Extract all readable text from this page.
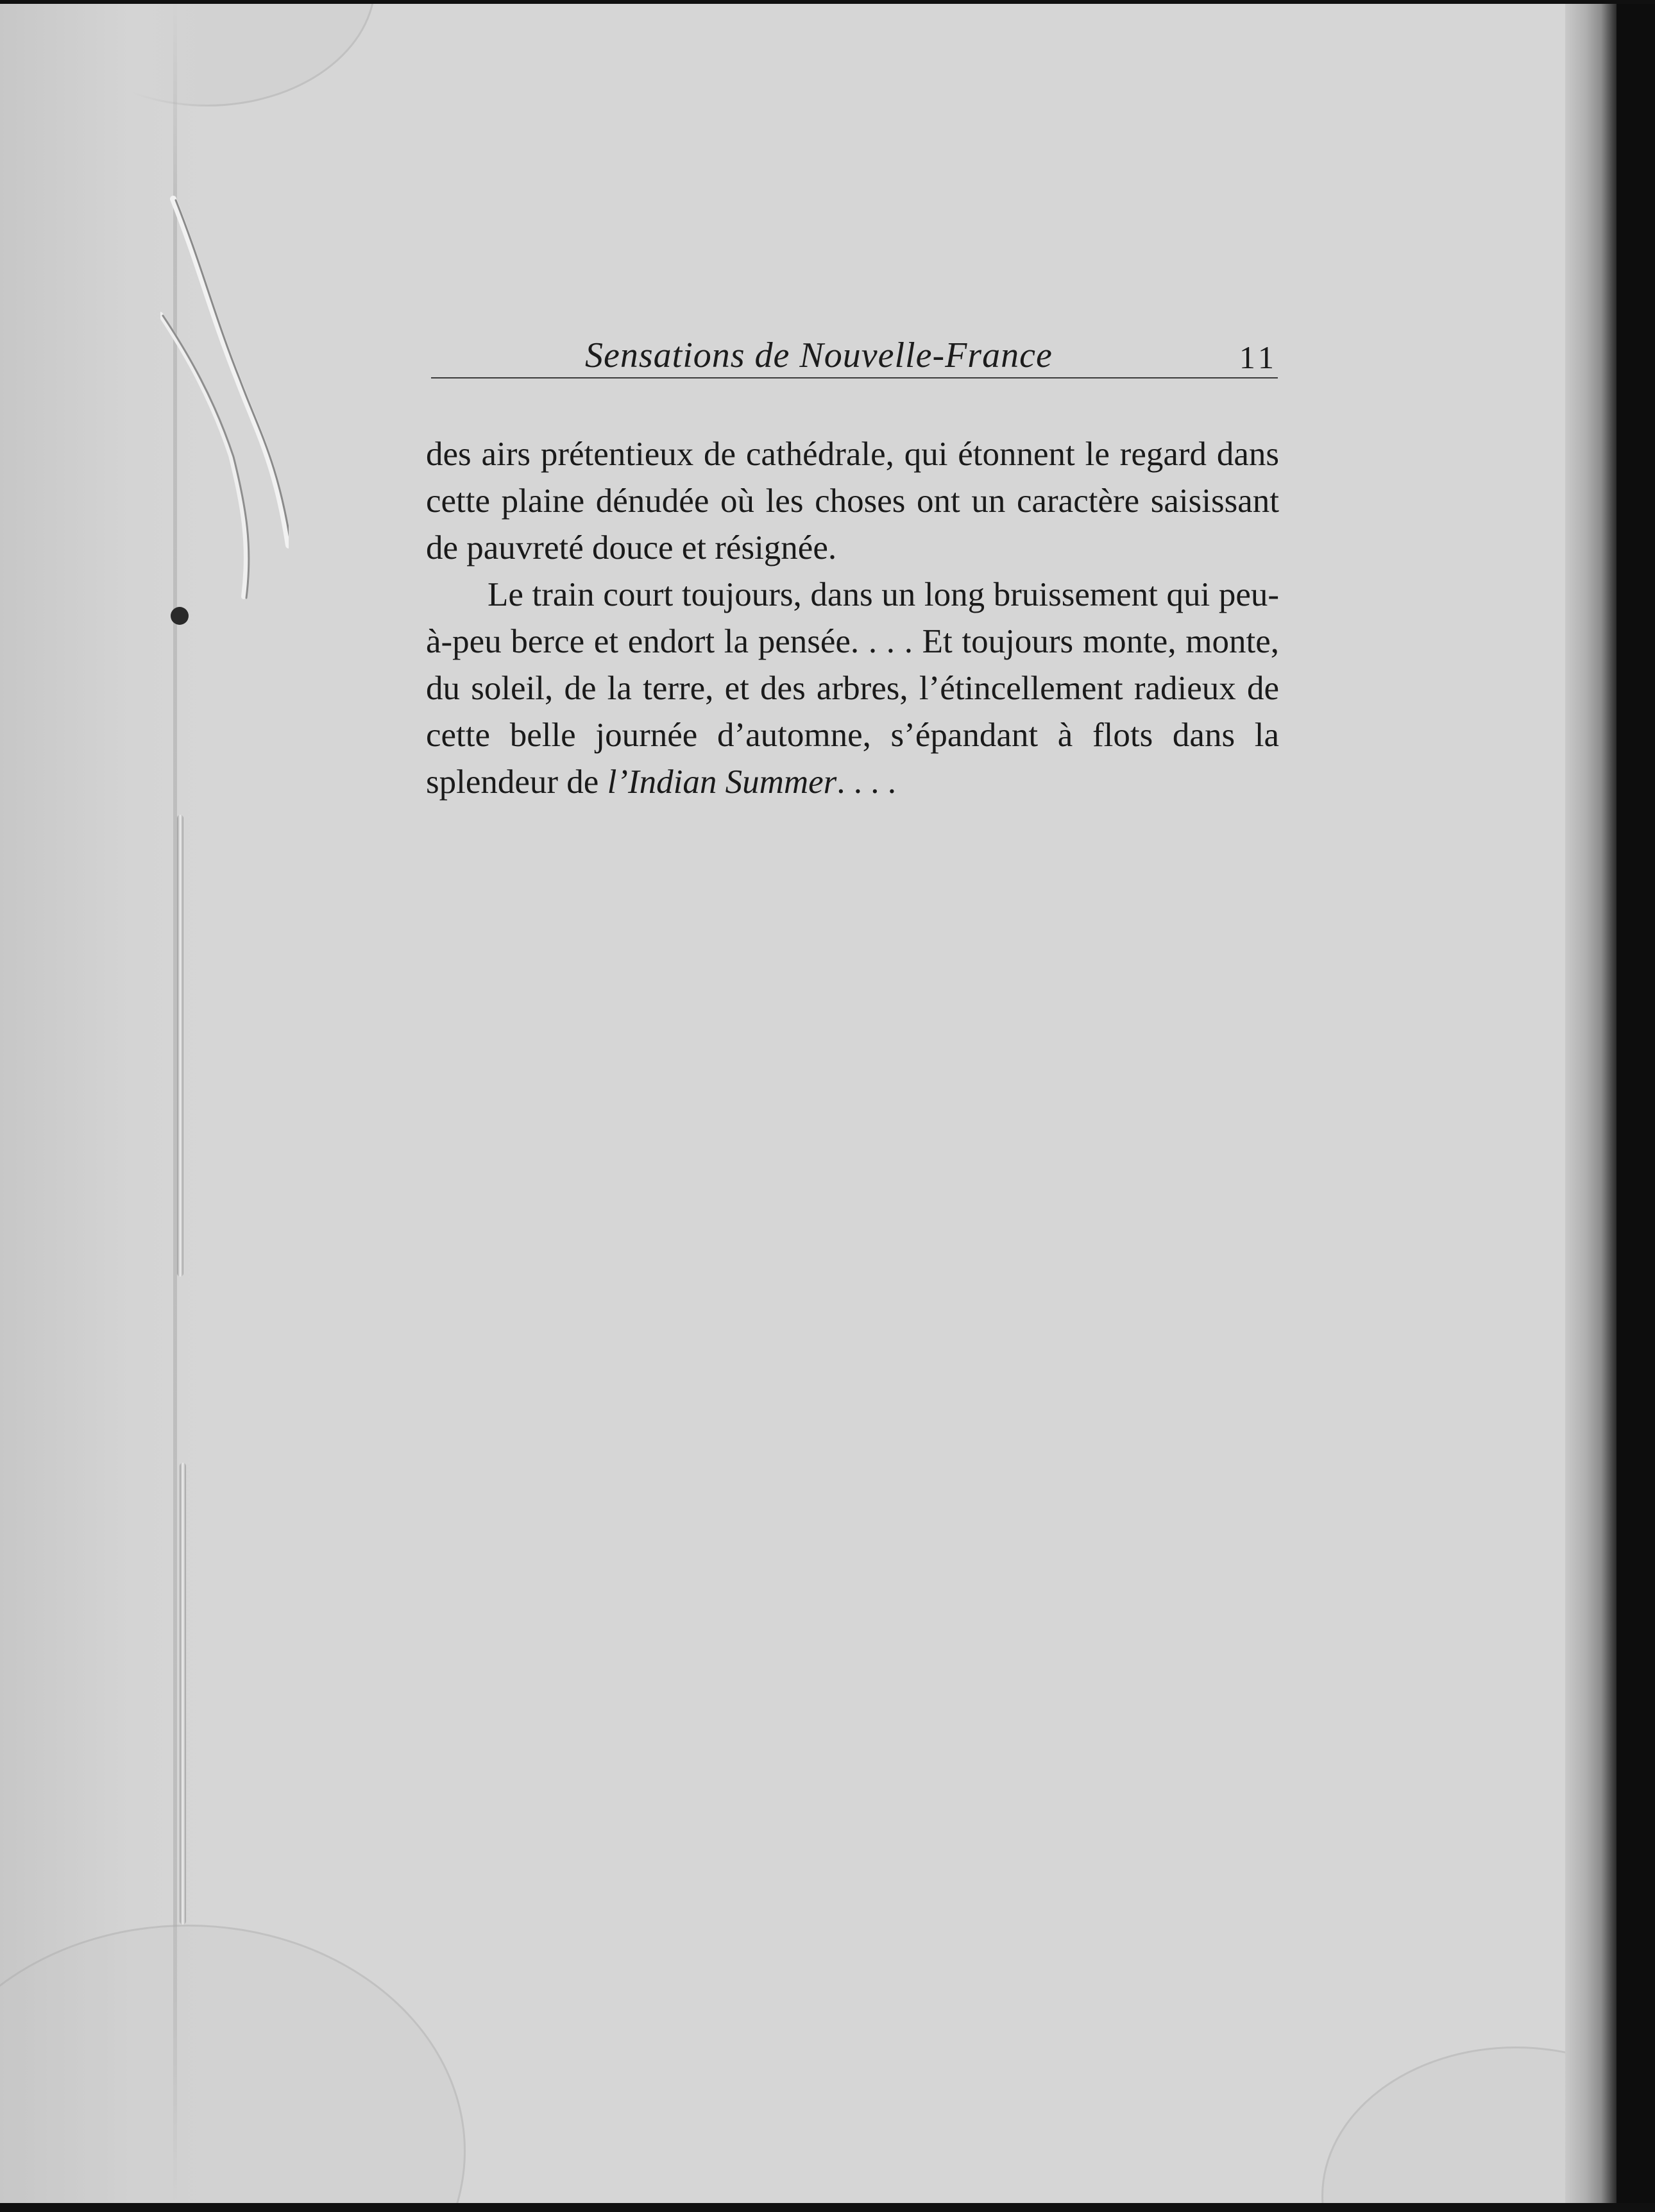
Sensations de Nouvelle-France	11

des airs prétentieux de cathédrale, qui étonnent le regard dans cette plaine dénudée où les choses ont un caractère saisissant de pauvreté douce et résignée.

Le train court toujours, dans un long bruissement qui peu-à-peu berce et endort la pensée. . . . Et toujours monte, monte, du soleil, de la terre, et des arbres, l’étincellement radieux de cette belle journée d’automne, s’épandant à flots dans la splendeur de l’Indian Summer. . . .
